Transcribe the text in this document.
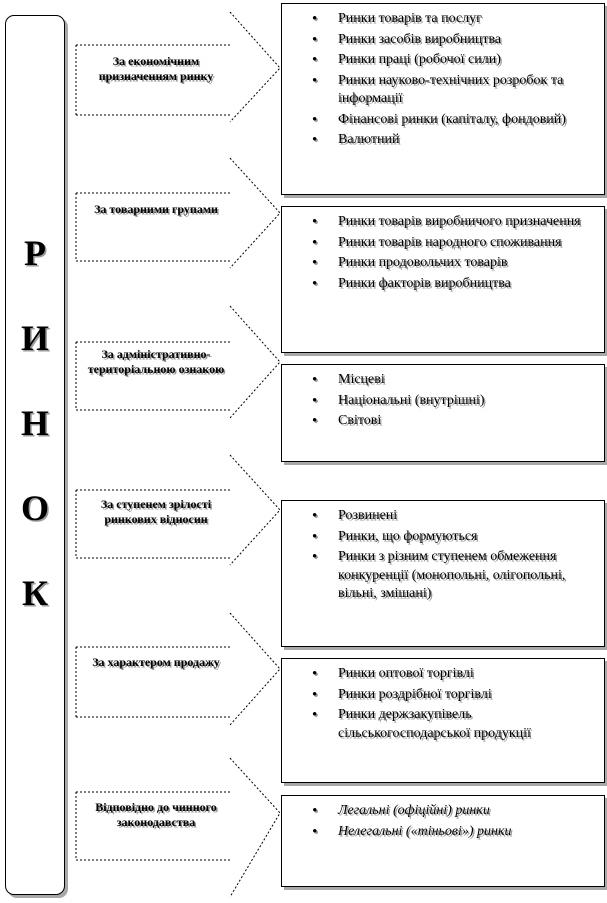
Р
И
Н
О
К
За економічним призначенням ринку
За товарними групами
За адміністративно-територіальною ознакою
За ступенем зрілості ринкових відносин
За характером продажу
Відповідно до чинного законодавства
• Ринки товарів та послуг
• Ринки засобів виробництва
• Ринки праці (робочої сили)
• Ринки науково-технічних розробок та інформації
• Фінансові ринки (капіталу, фондовий)
• Валютний
• Ринки товарів виробничого призначення
• Ринки товарів народного споживання
• Ринки продовольчих товарів
• Ринки факторів виробництва
• Місцеві
• Національні (внутрішні)
• Світові
• Розвинені
• Ринки, що формуються
• Ринки з різним ступенем обмеження конкуренції (монопольні, олігопольні, вільні, змішані)
• Ринки оптової торгівлі
• Ринки роздрібної торгівлі
• Ринки держзакупівель сільськогосподарської продукції
• Легальні (офіційні) ринки
• Нелегальні («тіньові») ринки
